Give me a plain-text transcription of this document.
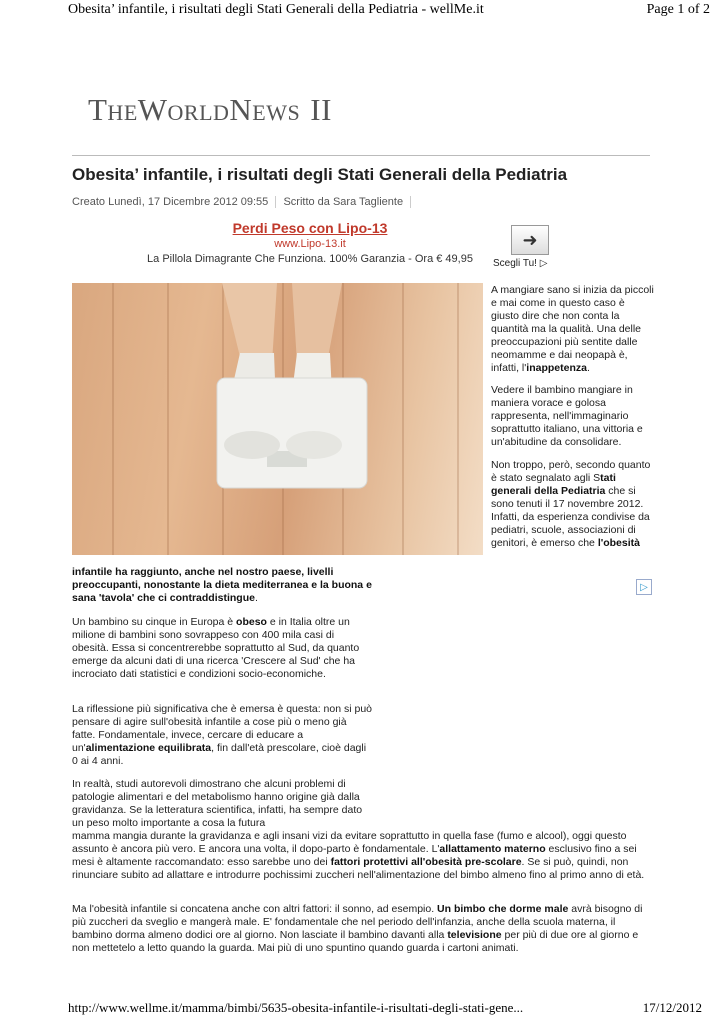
Obesita’ infantile, i risultati degli Stati Generali della Pediatria - wellMe.it	Page 1 of 2
TheWorldNews II
Obesita’ infantile, i risultati degli Stati Generali della Pediatria
Creato Lunedì, 17 Dicembre 2012 09:55 Scritto da Sara Tagliente
Perdi Peso con Lipo-13
www.Lipo-13.it
La Pillola Dimagrante Che Funziona. 100% Garanzia - Ora € 49,95
➜
Scegli Tu! ▷
A mangiare sano si inizia da piccoli e mai come in questo caso è giusto dire che non conta la quantità ma la qualità. Una delle preoccupazioni più sentite dalle neomamme e dai neopapà è, infatti, l'inappetenza.
Vedere il bambino mangiare in maniera vorace e golosa rappresenta, nell'immaginario soprattutto italiano, una vittoria e un'abitudine da consolidare.
Non troppo, però, secondo quanto è stato segnalato agli Stati generali della Pediatria che si sono tenuti il 17 novembre 2012. Infatti, da esperienza condivise da pediatri, scuole, associazioni di genitori, è emerso che l'obesità
infantile ha raggiunto, anche nel nostro paese, livelli preoccupanti, nonostante la dieta mediterranea e la buona e sana 'tavola' che ci contraddistingue.
▷
Un bambino su cinque in Europa è obeso e in Italia oltre un milione di bambini sono sovrappeso con 400 mila casi di obesità. Essa si concentrerebbe soprattutto al Sud, da quanto emerge da alcuni dati di una ricerca 'Crescere al Sud' che ha incrociato dati statistici e condizioni socio-economiche.
La riflessione più significativa che è emersa è questa: non si può pensare di agire sull'obesità infantile a cose più o meno già fatte. Fondamentale, invece, cercare di educare a un'alimentazione equilibrata, fin dall'età prescolare, cioè dagli 0 ai 4 anni.
In realtà, studi autorevoli dimostrano che alcuni problemi di patologie alimentari e del metabolismo hanno origine già dalla gravidanza. Se la letteratura scientifica, infatti, ha sempre dato un peso molto importante a cosa la futura
mamma mangia durante la gravidanza e agli insani vizi da evitare soprattutto in quella fase (fumo e alcool), oggi questo assunto è ancora più vero. E ancora una volta, il dopo-parto è fondamentale. L'allattamento materno esclusivo fino a sei mesi è altamente raccomandato: esso sarebbe uno dei fattori protettivi all'obesità pre-scolare. Se si può, quindi, non rinunciare subito ad allattare e introdurre pochissimi zuccheri nell'alimentazione del bimbo almeno fino al primo anno di età.
Ma l'obesità infantile si concatena anche con altri fattori: il sonno, ad esempio. Un bimbo che dorme male avrà bisogno di più zuccheri da sveglio e mangerà male. E' fondamentale che nel periodo dell'infanzia, anche della scuola materna, il bambino dorma almeno dodici ore al giorno. Non lasciate il bambino davanti alla televisione per più di due ore al giorno e non mettetelo a letto quando la guarda. Mai più di uno spuntino quando guarda i cartoni animati.
http://www.wellme.it/mamma/bimbi/5635-obesita-infantile-i-risultati-degli-stati-gene...	17/12/2012
